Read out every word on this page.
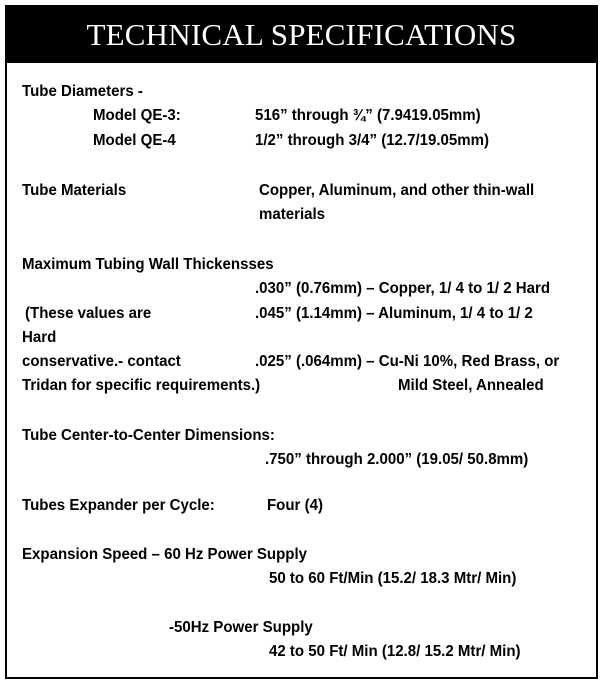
TECHNICAL SPECIFICATIONS
Tube Diameters -
Model QE-3:	516” through ¾” (7.9419.05mm)
Model QE-4	1/2” through 3/4” (12.7/19.05mm)
Tube Materials	Copper, Aluminum, and other thin-wall
materials
Maximum Tubing Wall Thickensses
.030” (0.76mm) – Copper, 1/ 4 to 1/ 2 Hard
(These values are	.045” (1.14mm) – Aluminum, 1/ 4 to 1/ 2
Hard
conservative.- contact	.025” (.064mm) – Cu-Ni 10%, Red Brass, or
Tridan for specific requirements.)	Mild Steel, Annealed
Tube Center-to-Center Dimensions:
.750” through 2.000” (19.05/ 50.8mm)
Tubes Expander per Cycle:	Four (4)
Expansion Speed – 60 Hz Power Supply
50 to 60 Ft/Min (15.2/ 18.3 Mtr/ Min)
-50Hz Power Supply
42 to 50 Ft/ Min (12.8/ 15.2 Mtr/ Min)
